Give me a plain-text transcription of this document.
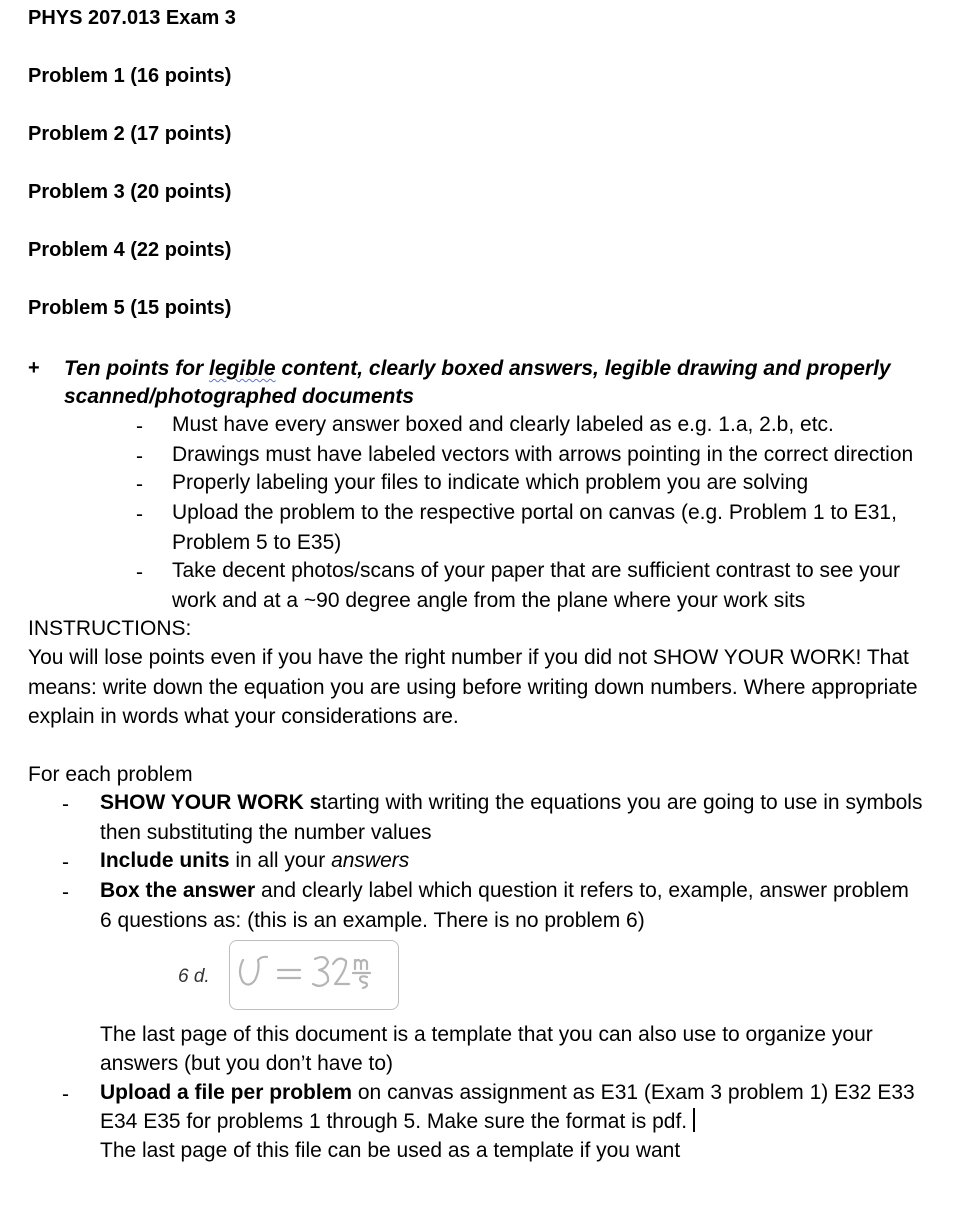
PHYS 207.013 Exam 3
Problem 1 (16 points)
Problem 2 (17 points)
Problem 3 (20 points)
Problem 4 (22 points)
Problem 5 (15 points)
+ Ten points for legible content, clearly boxed answers, legible drawing and properly
scanned/photographed documents
- Must have every answer boxed and clearly labeled as e.g. 1.a, 2.b, etc.
- Drawings must have labeled vectors with arrows pointing in the correct direction
- Properly labeling your files to indicate which problem you are solving
- Upload the problem to the respective portal on canvas (e.g. Problem 1 to E31,
Problem 5 to E35)
- Take decent photos/scans of your paper that are sufficient contrast to see your
work and at a ~90 degree angle from the plane where your work sits
INSTRUCTIONS:
You will lose points even if you have the right number if you did not SHOW YOUR WORK! That
means: write down the equation you are using before writing down numbers. Where appropriate
explain in words what your considerations are.
For each problem
- SHOW YOUR WORK starting with writing the equations you are going to use in symbols
then substituting the number values
- Include units in all your answers
- Box the answer and clearly label which question it refers to, example, answer problem
6 questions as: (this is an example. There is no problem 6)
6 d.
The last page of this document is a template that you can also use to organize your
answers (but you don’t have to)
- Upload a file per problem on canvas assignment as E31 (Exam 3 problem 1) E32 E33
E34 E35 for problems 1 through 5. Make sure the format is pdf.
The last page of this file can be used as a template if you want
